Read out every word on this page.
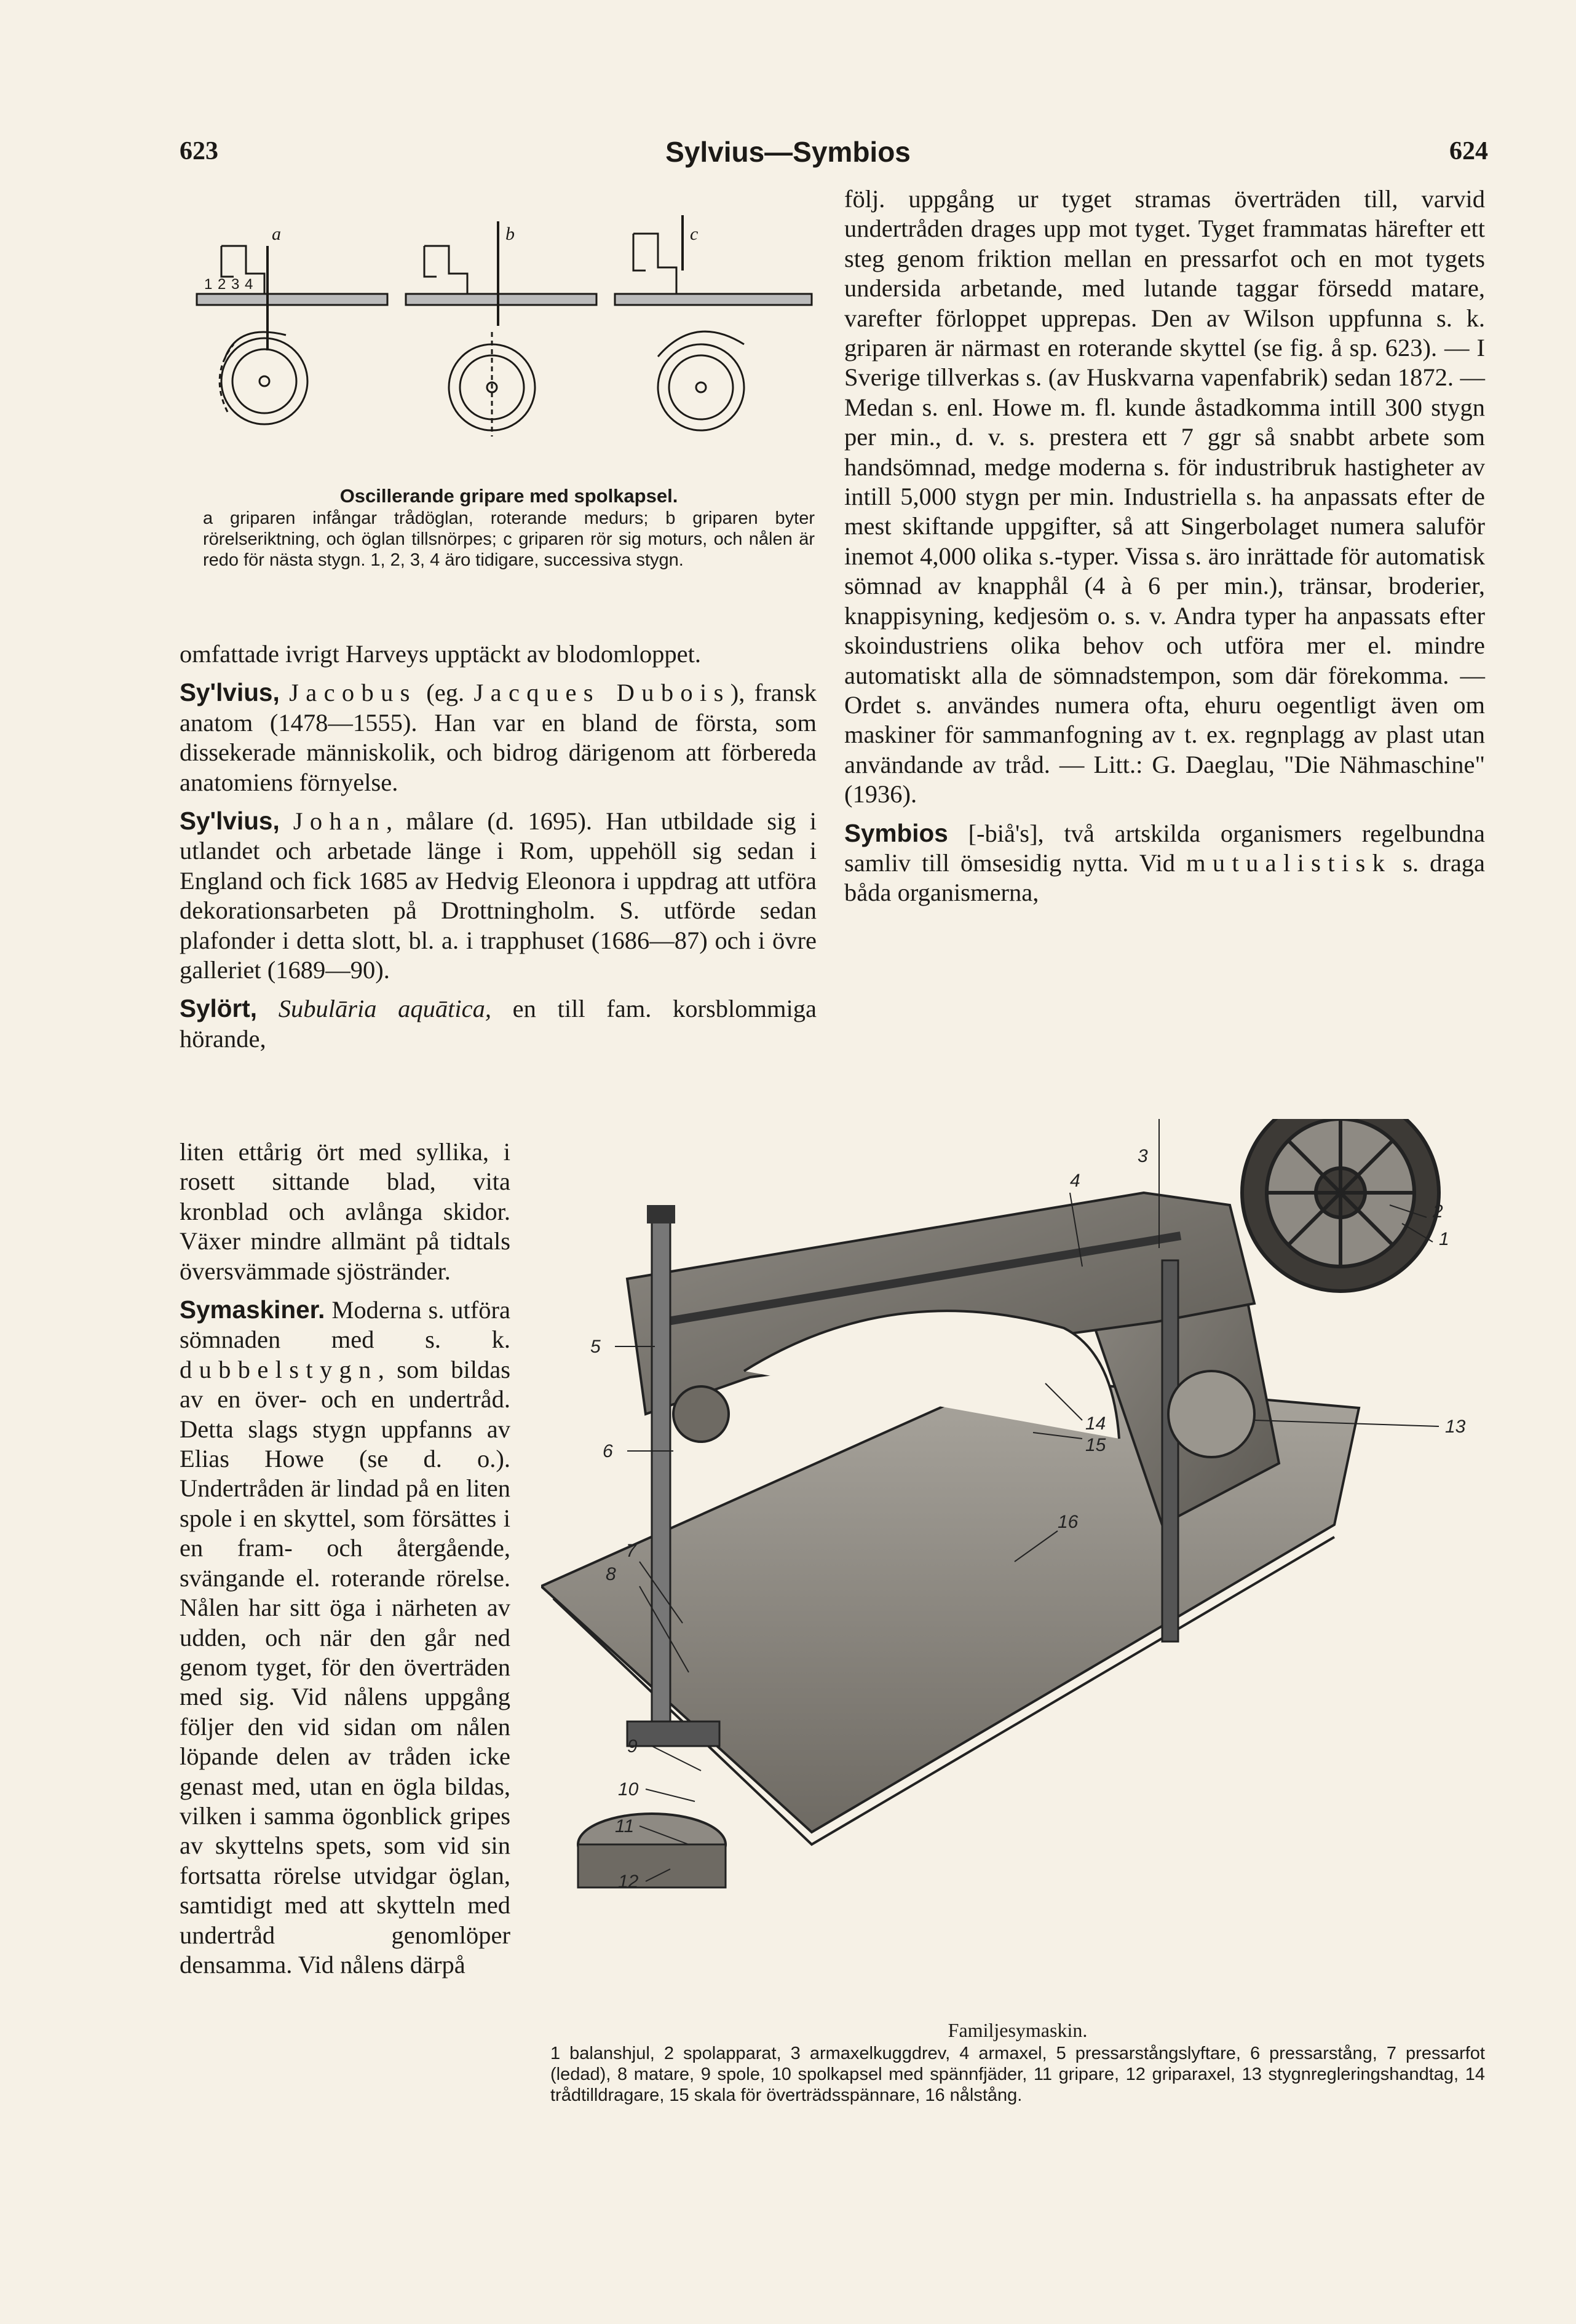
623	Sylvius—Symbios	624
a	b	c
1 2 3 4
Oscillerande gripare med spolkapsel.
a griparen infångar trådöglan, roterande medurs; b griparen byter rörelseriktning, och öglan tillsnörpes; c griparen rör sig moturs, och nålen är redo för nästa stygn. 1, 2, 3, 4 äro tidigare, successiva stygn.

omfattade ivrigt Harveys upptäckt av blodomloppet.

Sy'lvius, Jacobus (eg. Jacques Dubois), fransk anatom (1478—1555). Han var en bland de första, som dissekerade människolik, och bidrog därigenom att förbereda anatomiens förnyelse.

Sy'lvius, Johan, målare (d. 1695). Han utbildade sig i utlandet och arbetade länge i Rom, uppehöll sig sedan i England och fick 1685 av Hedvig Eleonora i uppdrag att utföra dekorationsarbeten på Drottningholm. S. utförde sedan plafonder i detta slott, bl. a. i trapphuset (1686—87) och i övre galleriet (1689—90).

Sylört, Subulāria aquātica, en till fam. korsblommiga hörande,

liten ettårig ört med syllika, i rosett sittande blad, vita kronblad och avlånga skidor. Växer mindre allmänt på tidtals översvämmade sjöstränder.

Symaskiner. Moderna s. utföra sömnaden med s. k. dubbelstygn, som bildas av en över- och en undertråd. Detta slags stygn uppfanns av Elias Howe (se d. o.). Undertråden är lindad på en liten spole i en skyttel, som försättes i en fram- och återgående, svängande el. roterande rörelse. Nålen har sitt öga i närheten av udden, och när den går ned genom tyget, för den överträden med sig. Vid nålens uppgång följer den vid sidan om nålen löpande delen av tråden icke genast med, utan en ögla bildas, vilken i samma ögonblick gripes av skyttelns spets, som vid sin fortsatta rörelse utvidgar öglan, samtidigt med att skytteln med undertråd genomlöper densamma. Vid nålens därpå

följ. uppgång ur tyget stramas överträden till, varvid undertråden drages upp mot tyget. Tyget frammatas härefter ett steg genom friktion mellan en pressarfot och en mot tygets undersida arbetande, med lutande taggar försedd matare, varefter förloppet upprepas. Den av Wilson uppfunna s. k. griparen är närmast en roterande skyttel (se fig. å sp. 623). — I Sverige tillverkas s. (av Huskvarna vapenfabrik) sedan 1872. — Medan s. enl. Howe m. fl. kunde åstadkomma intill 300 stygn per min., d. v. s. prestera ett 7 ggr så snabbt arbete som handsömnad, medge moderna s. för industribruk hastigheter av intill 5,000 stygn per min. Industriella s. ha anpassats efter de mest skiftande uppgifter, så att Singerbolaget numera saluför inemot 4,000 olika s.-typer. Vissa s. äro inrättade för automatisk sömnad av knapphål (4 à 6 per min.), tränsar, broderier, knappisyning, kedjesöm o. s. v. Andra typer ha anpassats efter skoindustriens olika behov och utföra mer el. mindre automatiskt alla de sömnadstempon, som där förekomma. — Ordet s. användes numera ofta, ehuru oegentligt även om maskiner för sammanfogning av t. ex. regnplagg av plast utan användande av tråd. — Litt.: G. Daeglau, "Die Nähmaschine" (1936).

Symbios [-biå's], två artskilda organismers regelbundna samliv till ömsesidig nytta. Vid mutualistisk s. draga båda organismerna,

1
2
3
4
5
6
7
8
9
10
11
12
13
14
15
16
Familjesymaskin.
1 balanshjul, 2 spolapparat, 3 armaxelkuggdrev, 4 armaxel, 5 pressarstångslyftare, 6 pressarstång, 7 pressarfot (ledad), 8 matare, 9 spole, 10 spolkapsel med spännfjäder, 11 gripare, 12 griparaxel, 13 stygnregleringshandtag, 14 trådtilldragare, 15 skala för överträdsspännare, 16 nålstång.
